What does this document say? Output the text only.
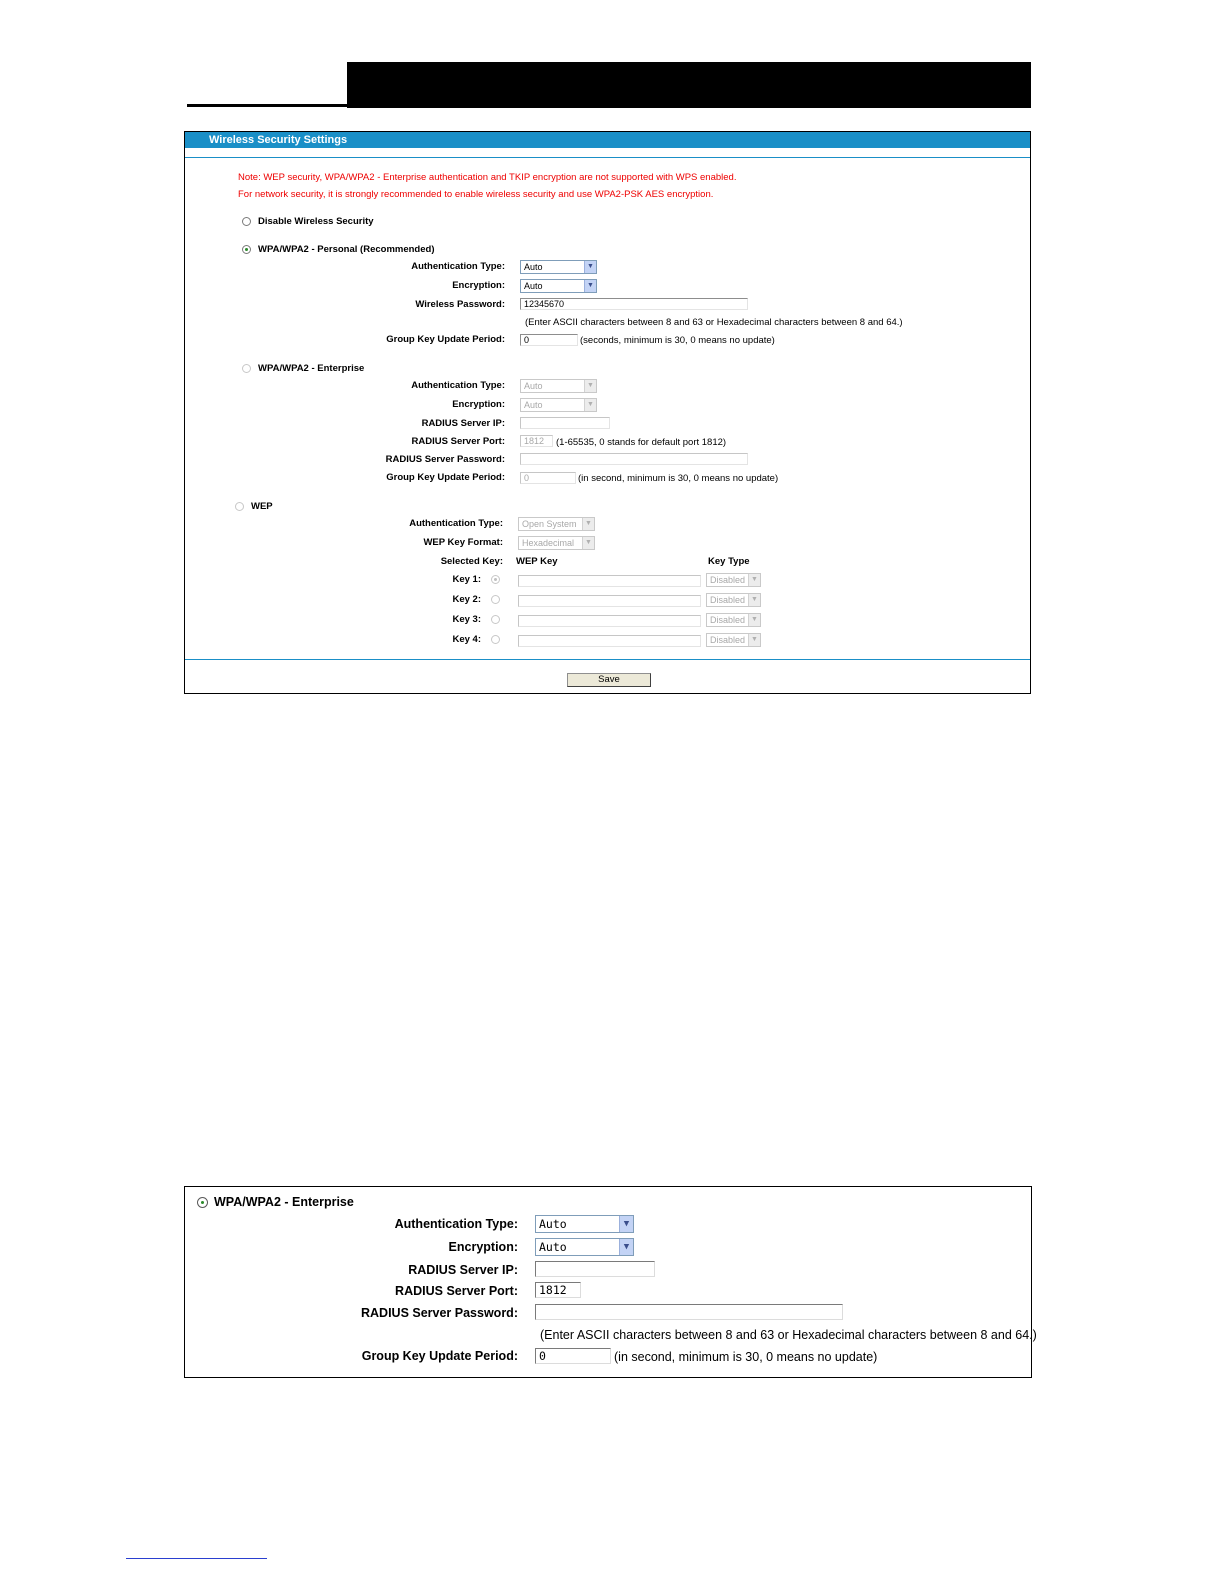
Wireless Security Settings
Note: WEP security, WPA/WPA2 - Enterprise authentication and TKIP encryption are not supported with WPS enabled.
For network security, it is strongly recommended to enable wireless security and use WPA2-PSK AES encryption.
Disable Wireless Security
WPA/WPA2 - Personal (Recommended)
Authentication Type:	Auto	▼
Encryption:	Auto	▼
Wireless Password:	12345670
(Enter ASCII characters between 8 and 63 or Hexadecimal characters between 8 and 64.)
Group Key Update Period:	0	(seconds, minimum is 30, 0 means no update)
WPA/WPA2 - Enterprise
Authentication Type:	Auto	▼
Encryption:	Auto	▼
RADIUS Server IP:
RADIUS Server Port:	1812	(1-65535, 0 stands for default port 1812)
RADIUS Server Password:
Group Key Update Period:	0	(in second, minimum is 30, 0 means no update)
WEP
Authentication Type:	Open System	▼
WEP Key Format:	Hexadecimal	▼
Selected Key: WEP Key	Key Type
Key 1:	Disabled ▼
Key 2:	Disabled ▼
Key 3:	Disabled ▼
Key 4:	Disabled ▼
Save
WPA/WPA2 - Enterprise
Authentication Type:	Auto	▼
Encryption:	Auto	▼
RADIUS Server IP:
RADIUS Server Port:	1812
RADIUS Server Password:
(Enter ASCII characters between 8 and 63 or Hexadecimal characters between 8 and 64.)
Group Key Update Period:	0	(in second, minimum is 30, 0 means no update)
